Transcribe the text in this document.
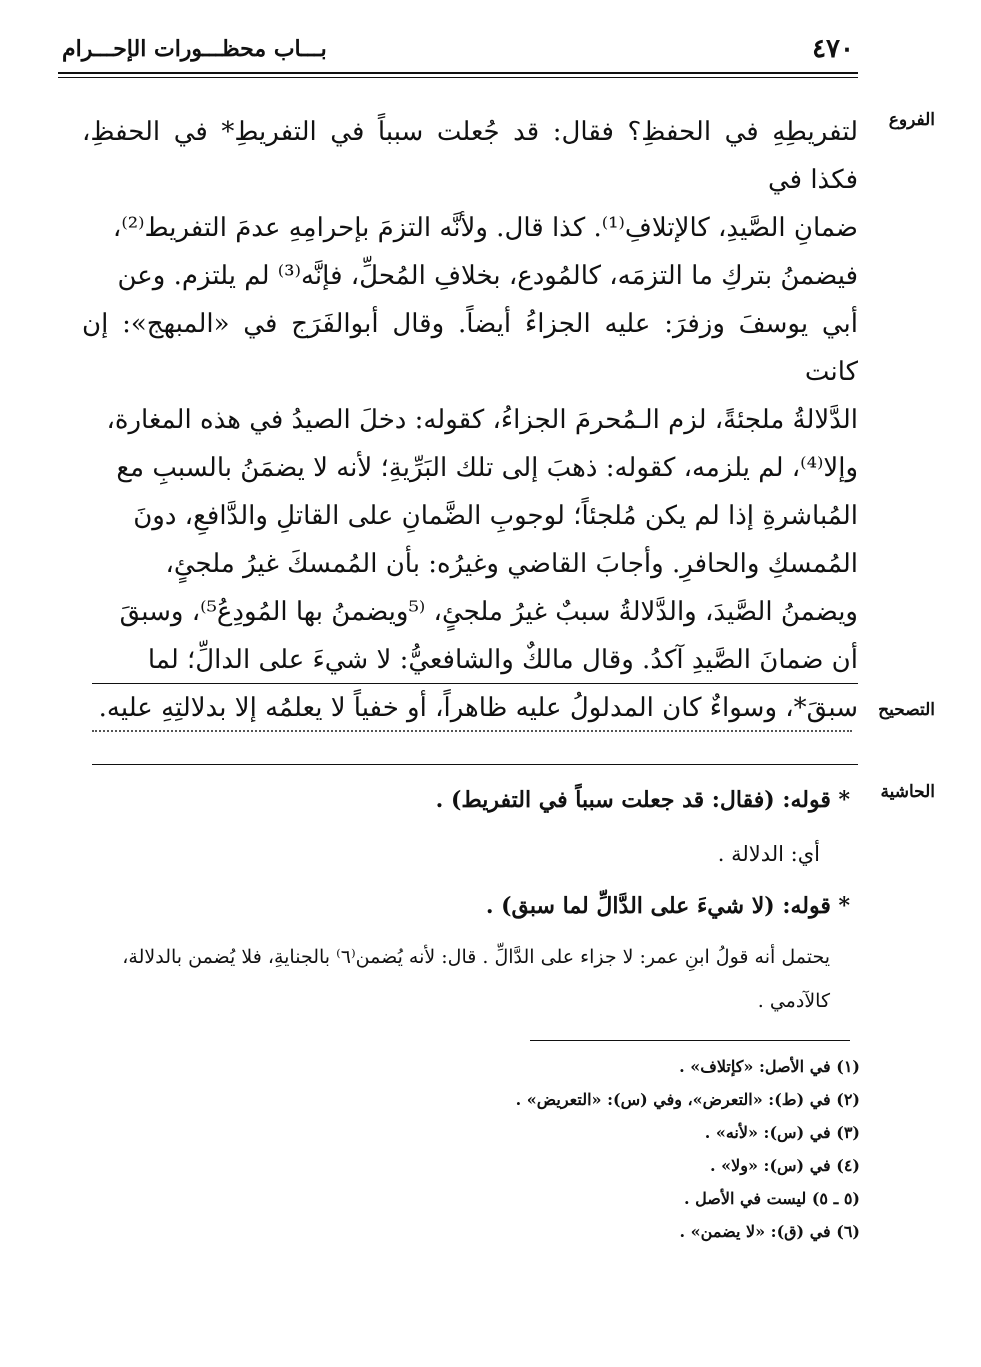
٤٧٠
بـــاب محظـــورات الإحـــرام
الفروع

لتفريطِهِ في الحفظِ؟ فقال: قد جُعلت سبباً في التفريطِ* في الحفظِ، فكذا في

ضمانِ الصَّيدِ، كالإتلافِ⁽¹⁾. كذا قال. ولأنَّه التزمَ بإحرامِهِ عدمَ التفريط⁽²⁾،

فيضمنُ بتركِ ما التزمَه، كالمُودع، بخلافِ المُحلِّ، فإنَّه⁽³⁾ لم يلتزم. وعن

أبي يوسفَ وزفرَ: عليه الجزاءُ أيضاً. وقال أبوالفَرَج في «المبهج»: إن كانت

الدَّلالةُ ملجئةً، لزم الـمُحرمَ الجزاءُ، كقوله: دخلَ الصيدُ في هذه المغارة،

وإلا⁽⁴⁾، لم يلزمه، كقوله: ذهبَ إلى تلك البَرِّيةِ؛ لأنه لا يضمَنُ بالسببِ مع

المُباشرةِ إذا لم يكن مُلجئاً؛ لوجوبِ الضَّمانِ على القاتلِ والدَّافعِ، دونَ

المُمسكِ والحافرِ. وأجابَ القاضي وغيرُه: بأن المُمسكَ غيرُ ملجئٍ،

ويضمنُ الصَّيدَ، والدَّلالةُ سببٌ غيرُ ملجئٍ، ⁽⁵ويضمنُ بها المُودِعُ⁵⁾، وسبقَ

أن ضمانَ الصَّيدِ آكدُ. وقال مالكٌ والشافعيُّ: لا شيءَ على الدالِّ؛ لما

سبقَ*، وسواءٌ كان المدلولُ عليه ظاهراً، أو خفياً لا يعلمُه إلا بدلالتِهِ عليه.	التصحيح
الحاشية

* قوله: (فقال: قد جعلت سبباً في التفريط) .

أي: الدلالة .

* قوله: (لا شيءَ على الدَّالِّ لما سبق) .

يحتمل أنه قولُ ابنِ عمر: لا جزاء على الدَّالِّ . قال: لأنه يُضمن⁽٦⁾ بالجنايةِ، فلا يُضمن بالدلالة،

كالآدمي .

(١) في الأصل: «كإتلاف» .
(٢) في (ط): «التعرض»، وفي (س): «التعريض» .
(٣) في (س): «لأنه» .
(٤) في (س): «ولا» .
(٥ ـ ٥) ليست في الأصل .
(٦) في (ق): «لا يضمن» .
